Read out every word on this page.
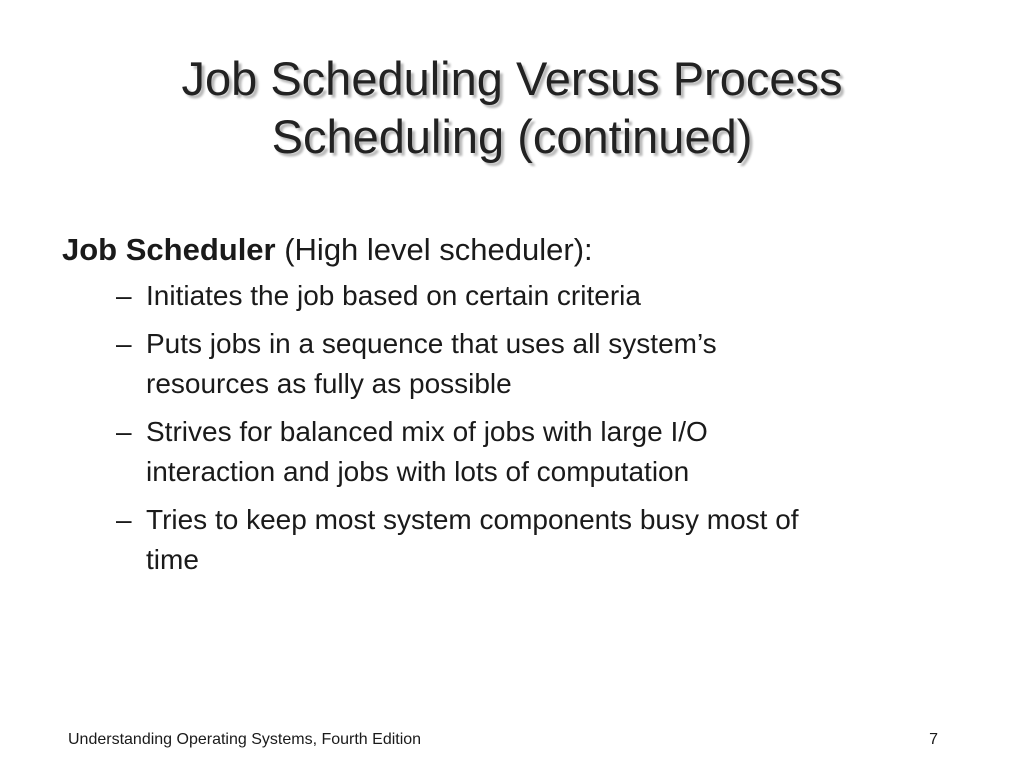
Job Scheduling Versus Process
Scheduling (continued)
Job Scheduler (High level scheduler):
– Initiates the job based on certain criteria
– Puts jobs in a sequence that uses all system’s
resources as fully as possible
– Strives for balanced mix of jobs with large I/O
interaction and jobs with lots of computation
– Tries to keep most system components busy most of
time
Understanding Operating Systems, Fourth Edition	7
